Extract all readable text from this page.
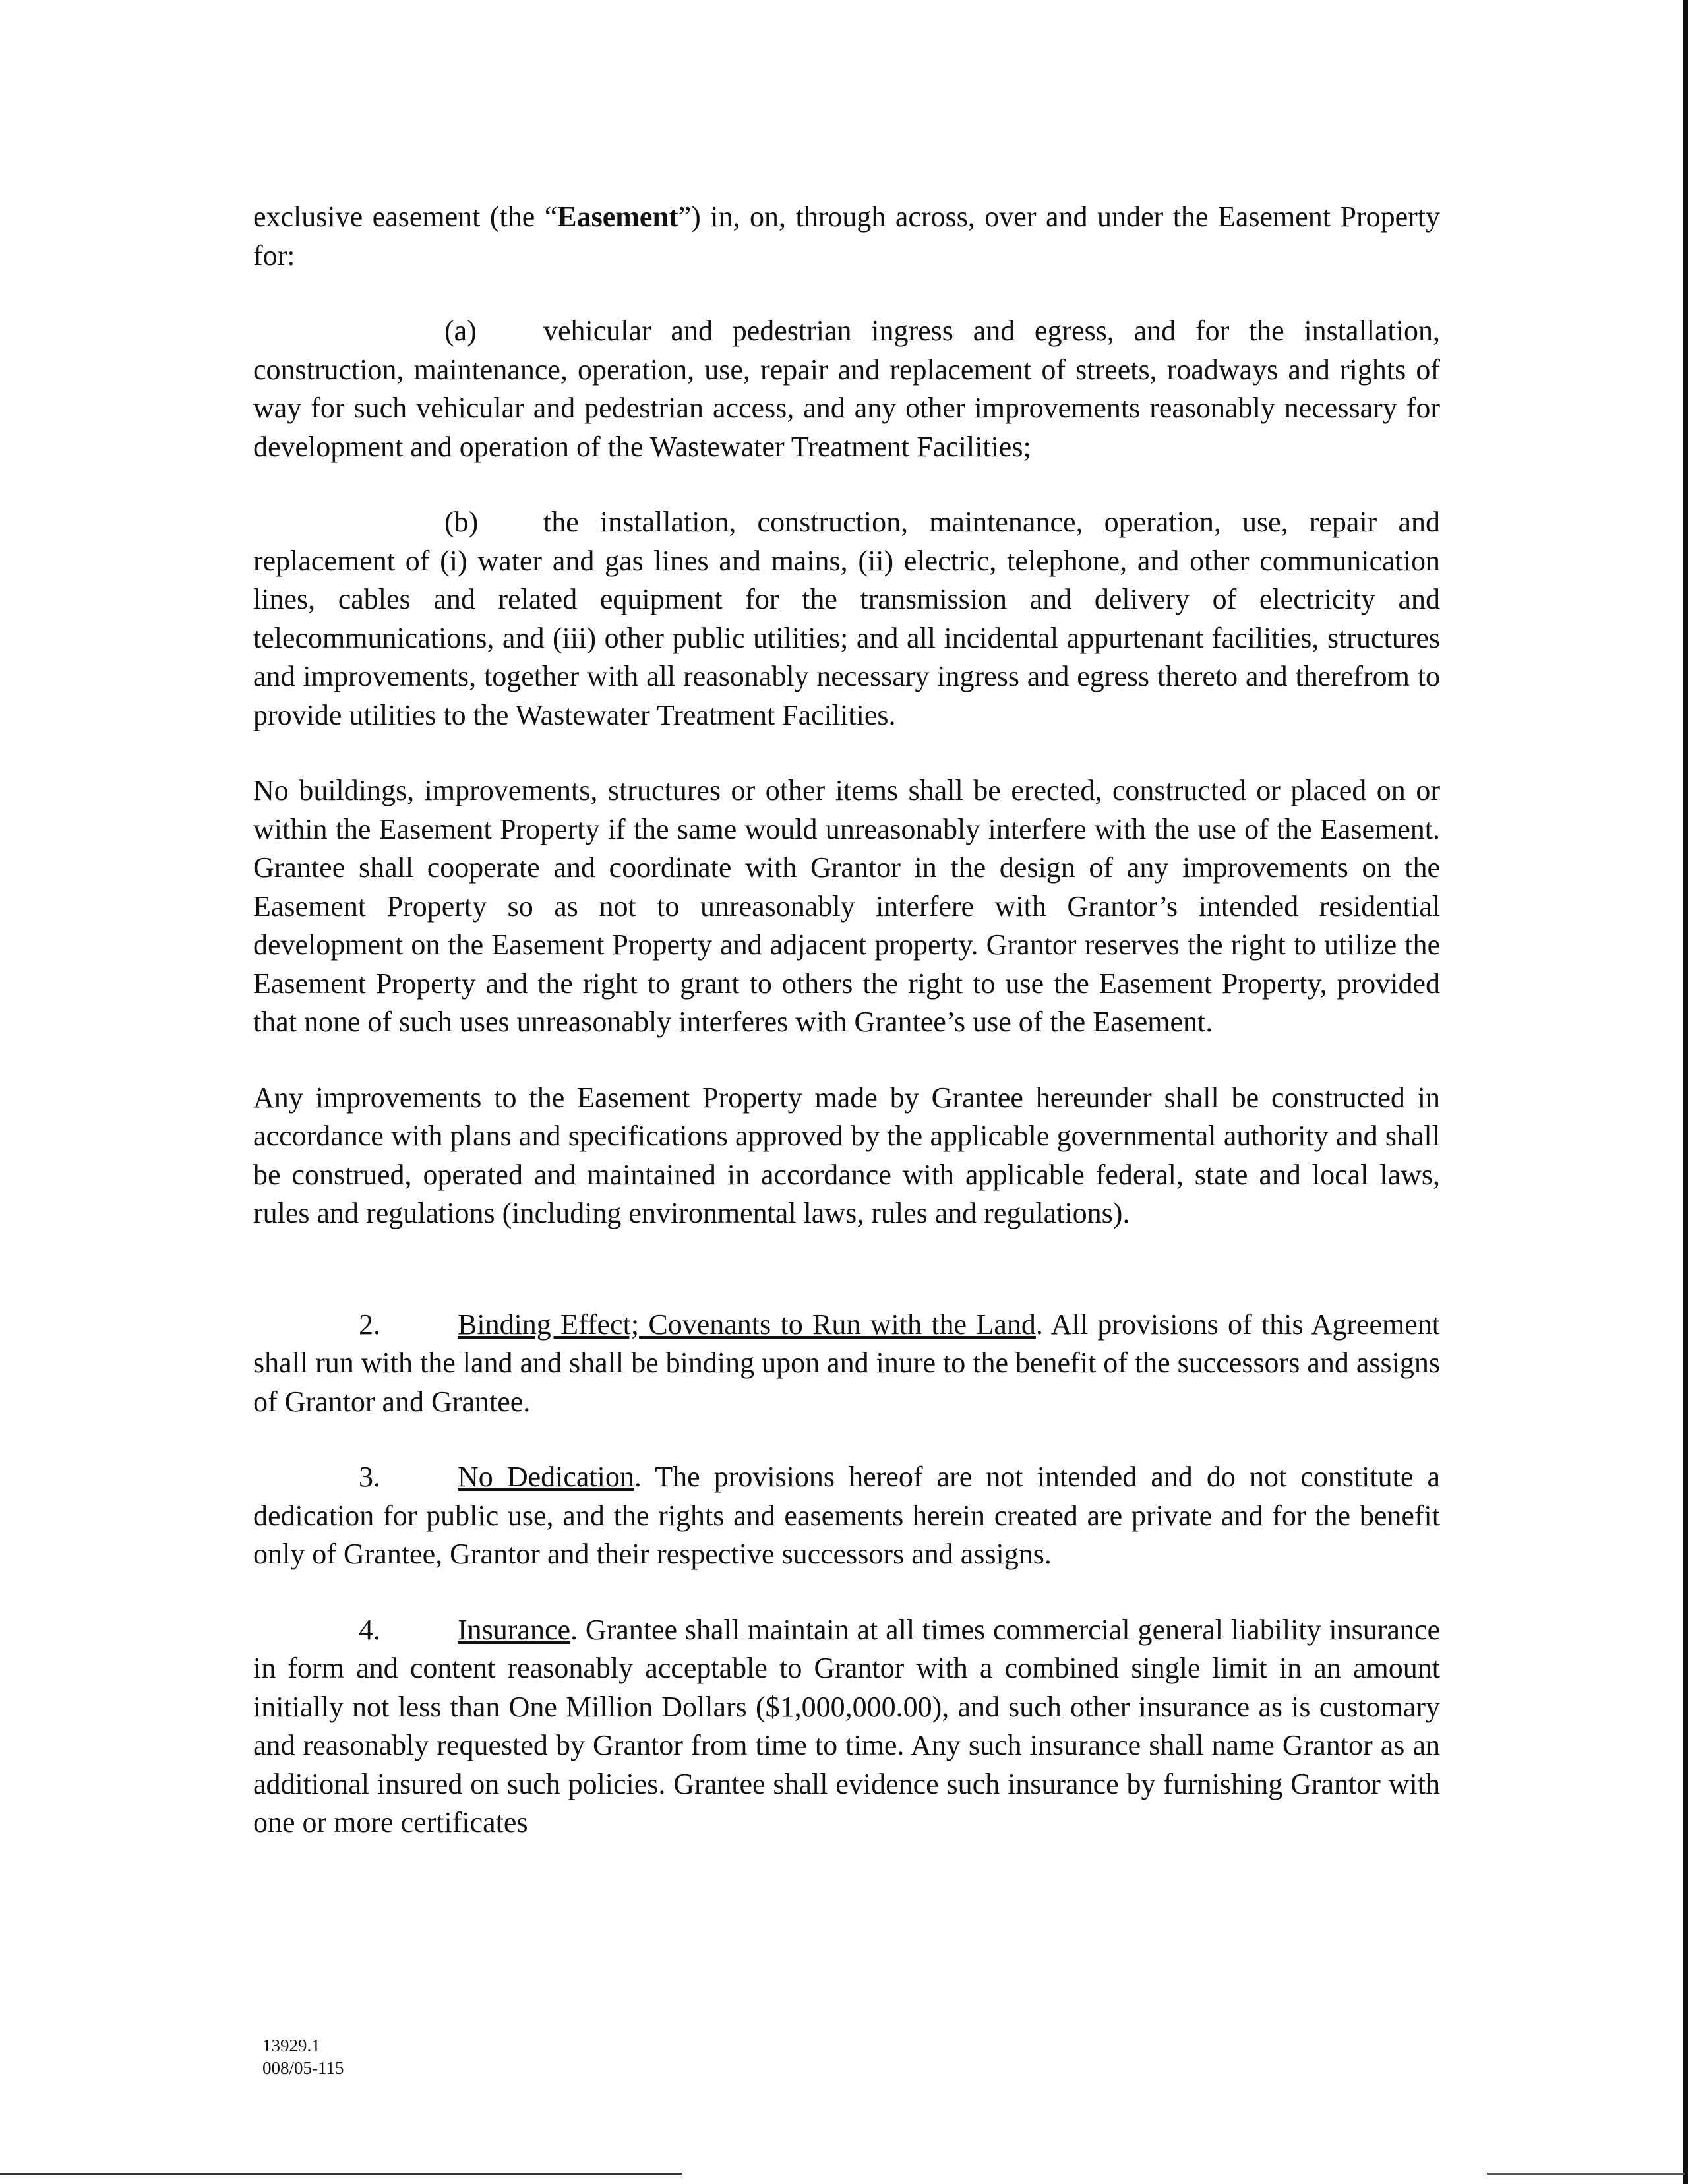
exclusive easement (the “Easement”) in, on, through across, over and under the Easement Property for:

(a) vehicular and pedestrian ingress and egress, and for the installation, construction, maintenance, operation, use, repair and replacement of streets, roadways and rights of way for such vehicular and pedestrian access, and any other improvements reasonably necessary for development and operation of the Wastewater Treatment Facilities;

(b) the installation, construction, maintenance, operation, use, repair and replacement of (i) water and gas lines and mains, (ii) electric, telephone, and other communication lines, cables and related equipment for the transmission and delivery of electricity and telecommunications, and (iii) other public utilities; and all incidental appurtenant facilities, structures and improvements, together with all reasonably necessary ingress and egress thereto and therefrom to provide utilities to the Wastewater Treatment Facilities.

No buildings, improvements, structures or other items shall be erected, constructed or placed on or within the Easement Property if the same would unreasonably interfere with the use of the Easement. Grantee shall cooperate and coordinate with Grantor in the design of any improvements on the Easement Property so as not to unreasonably interfere with Grantor’s intended residential development on the Easement Property and adjacent property. Grantor reserves the right to utilize the Easement Property and the right to grant to others the right to use the Easement Property, provided that none of such uses unreasonably interferes with Grantee’s use of the Easement.

Any improvements to the Easement Property made by Grantee hereunder shall be constructed in accordance with plans and specifications approved by the applicable governmental authority and shall be construed, operated and maintained in accordance with applicable federal, state and local laws, rules and regulations (including environmental laws, rules and regulations).

2.	Binding Effect; Covenants to Run with the Land. All provisions of this Agreement shall run with the land and shall be binding upon and inure to the benefit of the successors and assigns of Grantor and Grantee.

3.	No Dedication. The provisions hereof are not intended and do not constitute a dedication for public use, and the rights and easements herein created are private and for the benefit only of Grantee, Grantor and their respective successors and assigns.

4.	Insurance. Grantee shall maintain at all times commercial general liability insurance in form and content reasonably acceptable to Grantor with a combined single limit in an amount initially not less than One Million Dollars ($1,000,000.00), and such other insurance as is customary and reasonably requested by Grantor from time to time. Any such insurance shall name Grantor as an additional insured on such policies. Grantee shall evidence such insurance by furnishing Grantor with one or more certificates

13929.1
008/05-115
